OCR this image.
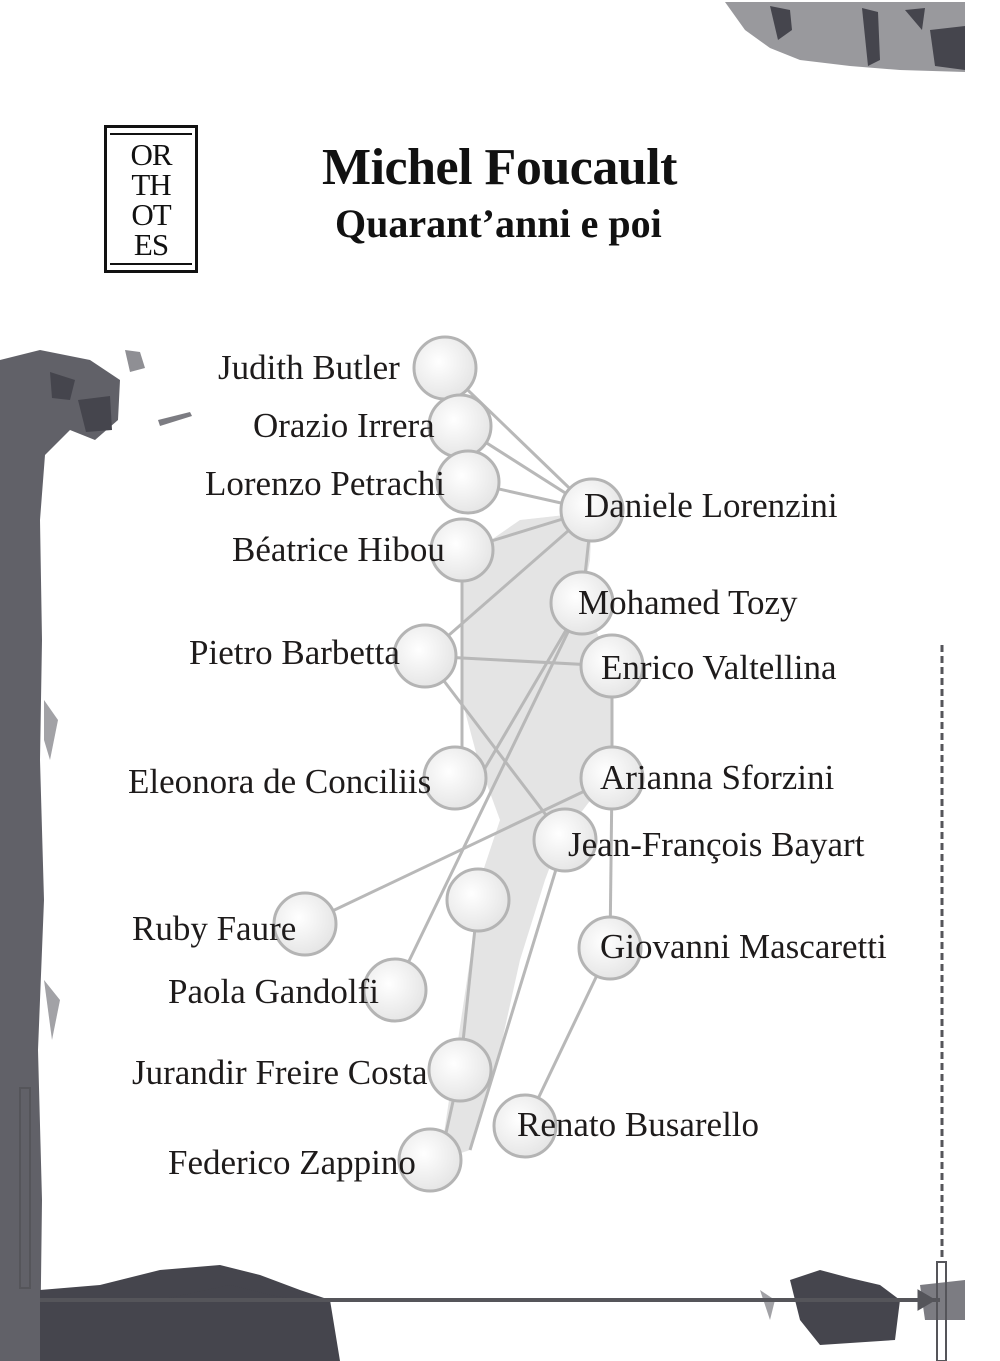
OR
TH
OT
ES
Michel Foucault
Quarant’anni e poi
Judith Butler
Orazio Irrera
Lorenzo Petrachi
Béatrice Hibou
Daniele Lorenzini
Mohamed Tozy
Pietro Barbetta	Enrico Valtellina
Eleonora de Conciliis	Arianna Sforzini
Jean-François Bayart
Ruby Faure	Giovanni Mascaretti
Paola Gandolfi
Jurandir Freire Costa
Renato Busarello
Federico Zappino
